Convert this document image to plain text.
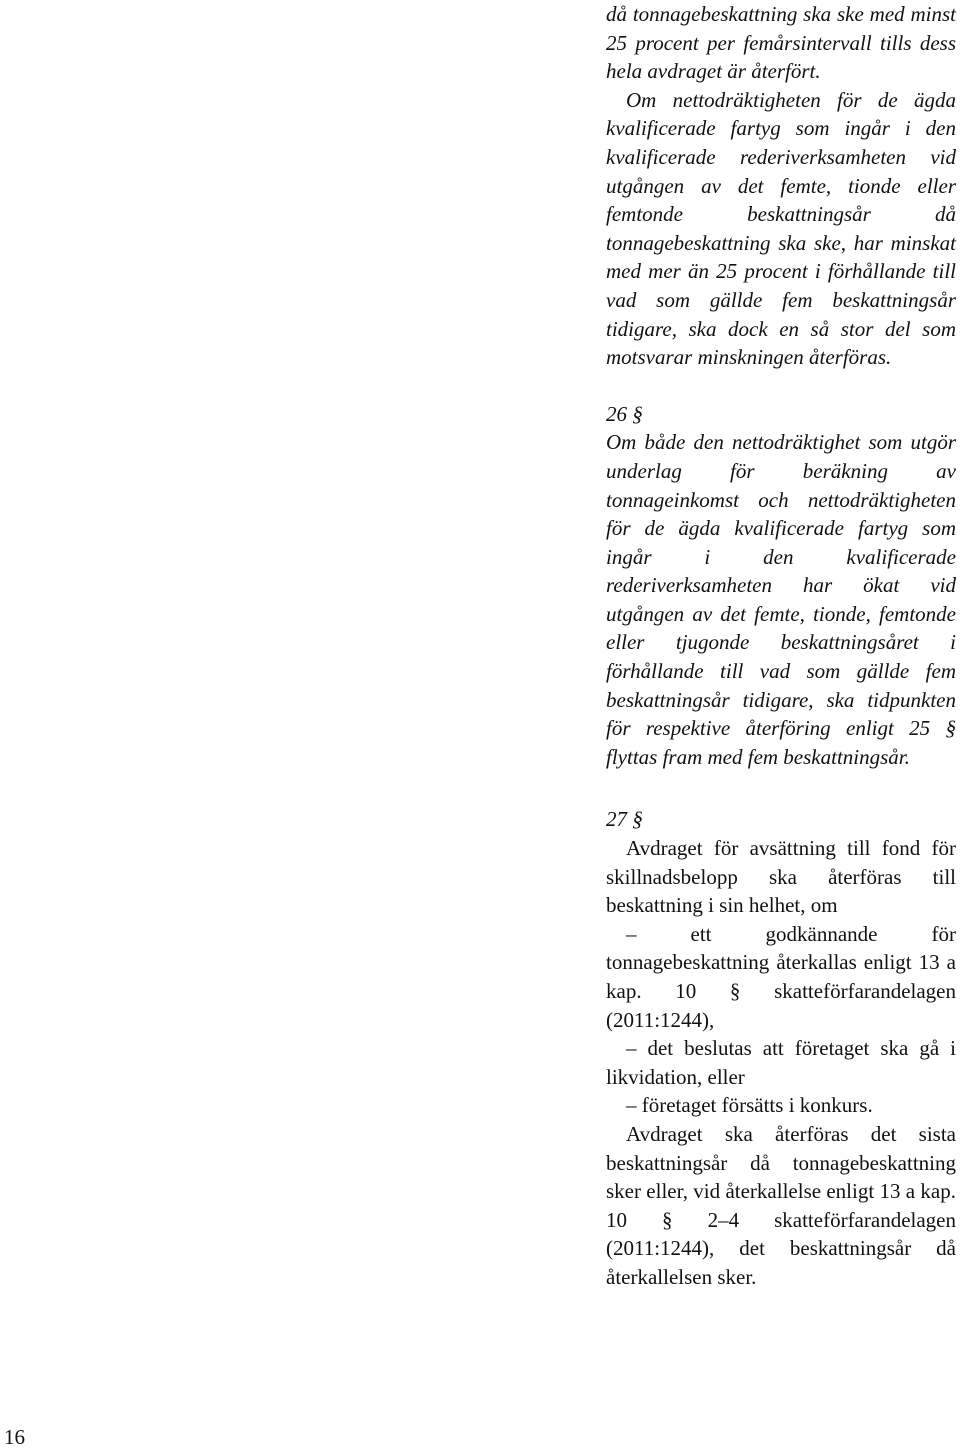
då tonnagebeskattning ska ske med minst 25 procent per femårsintervall tills dess hela avdraget är återfört.

Om nettodräktigheten för de ägda kvalificerade fartyg som ingår i den kvalificerade rederiverksamheten vid utgången av det femte, tionde eller femtonde beskattningsår då tonnagebeskattning ska ske, har minskat med mer än 25 procent i förhållande till vad som gällde fem beskattningsår tidigare, ska dock en så stor del som motsvarar minskningen återföras.

26 §

Om både den nettodräktighet som utgör underlag för beräkning av tonnageinkomst och nettodräktigheten för de ägda kvalificerade fartyg som ingår i den kvalificerade rederiverksamheten har ökat vid utgången av det femte, tionde, femtonde eller tjugonde beskattningsåret i förhållande till vad som gällde fem beskattningsår tidigare, ska tidpunkten för respektive återföring enligt 25 § flyttas fram med fem beskattningsår.

27 §

Avdraget för avsättning till fond för skillnadsbelopp ska återföras till beskattning i sin helhet, om

– ett godkännande för tonnagebeskattning återkallas enligt 13 a kap. 10 § skatteförfarandelagen (2011:1244),

– det beslutas att företaget ska gå i likvidation, eller

– företaget försätts i konkurs.

Avdraget ska återföras det sista beskattningsår då tonnagebeskattning sker eller, vid återkallelse enligt 13 a kap. 10 § 2–4 skatteförfarandelagen (2011:1244), det beskattningsår då återkallelsen sker.

16
